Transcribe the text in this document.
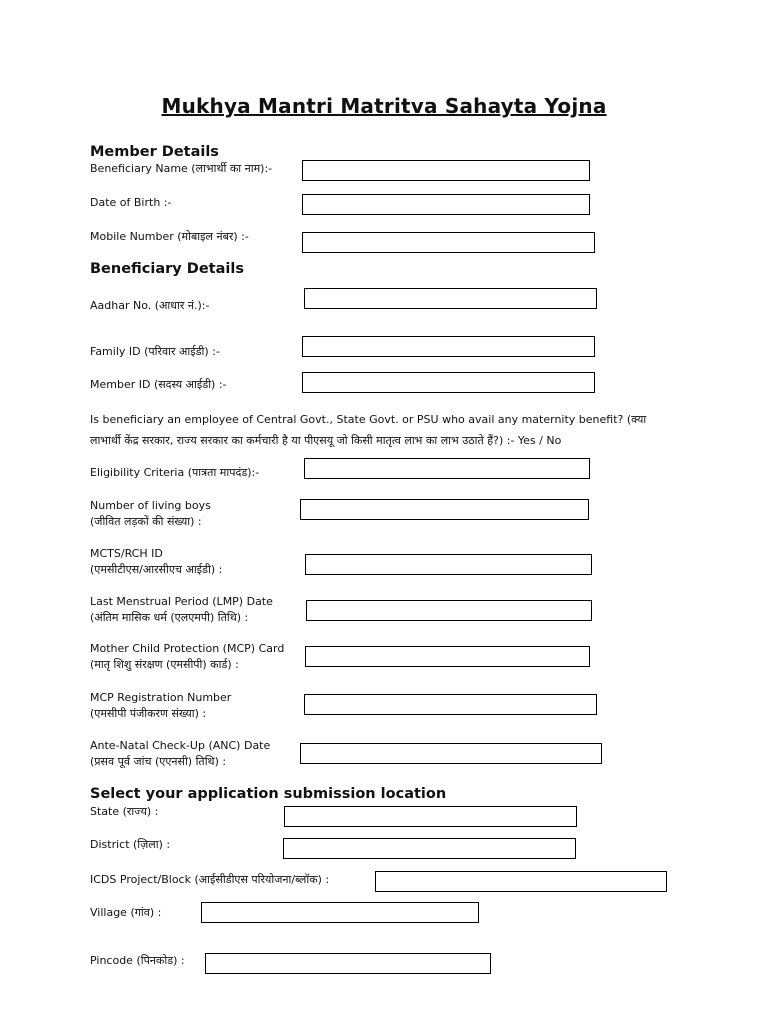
Mukhya Mantri Matritva Sahayta Yojna
Member Details
Beneficiary Name (लाभार्थी का नाम):-
Date of Birth :-
Mobile Number (मोबाइल नंबर) :-
Beneficiary Details
Aadhar No. (आधार नं.):-
Family ID (परिवार आईडी) :-
Member ID (सदस्य आईडी) :-
Is beneficiary an employee of Central Govt., State Govt. or PSU who avail any maternity benefit? (क्या
लाभार्थी केंद्र सरकार, राज्य सरकार का कर्मचारी है या पीएसयू जो किसी मातृत्व लाभ का लाभ उठाते हैं?) :- Yes / No
Eligibility Criteria (पात्रता मापदंड):-
Number of living boys
(जीवित लड़कों की संख्या) :
MCTS/RCH ID
(एमसीटीएस/आरसीएच आईडी) :
Last Menstrual Period (LMP) Date
(अंतिम मासिक धर्म (एलएमपी) तिथि) :
Mother Child Protection (MCP) Card
(मातृ शिशु संरक्षण (एमसीपी) कार्ड) :
MCP Registration Number
(एमसीपी पंजीकरण संख्या) :
Ante-Natal Check-Up (ANC) Date
(प्रसव पूर्व जांच (एएनसी) तिथि) :
Select your application submission location
State (राज्य) :
District (ज़िला) :
ICDS Project/Block (आईसीडीएस परियोजना/ब्लॉक) :
Village (गांव) :
Pincode (पिनकोड) :
